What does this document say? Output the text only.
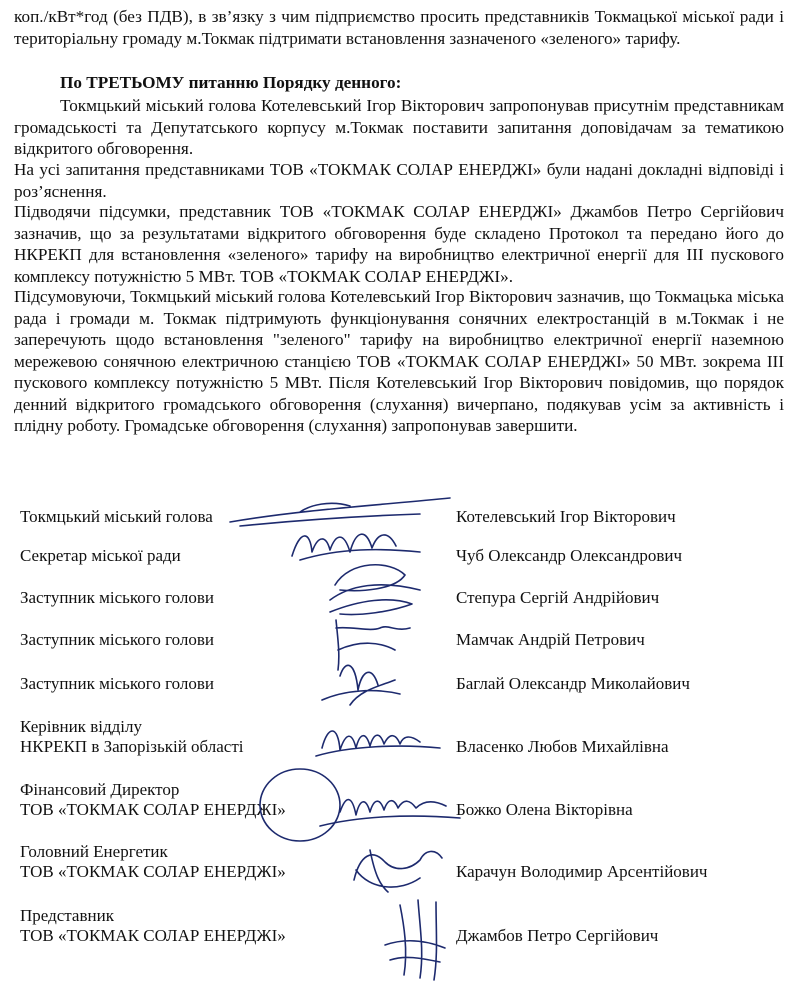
коп./кВт*год (без ПДВ), в зв’язку з чим підприємство просить представників Токмацької міської ради і територіальну громаду м.Токмак підтримати встановлення зазначеного «зеленого» тарифу.

По ТРЕТЬОМУ питанню Порядку денного:

Токмцький міський голова Котелевський Ігор Вікторович запропонував присутнім представникам громадськості та Депутатського корпусу м.Токмак поставити запитання доповідачам за тематикою відкритого обговорення.

На усі запитання представниками ТОВ «ТОКМАК СОЛАР ЕНЕРДЖІ» були надані докладні відповіді і роз’яснення.

Підводячи підсумки, представник ТОВ «ТОКМАК СОЛАР ЕНЕРДЖІ» Джамбов Петро Сергійович зазначив, що за результатами відкритого обговорення буде складено Протокол та передано його до НКРЕКП для встановлення «зеленого» тарифу на виробництво електричної енергії для ІІІ пускового комплексу потужністю 5 МВт. ТОВ «ТОКМАК СОЛАР ЕНЕРДЖІ».

Підсумовуючи, Токмцький міський голова Котелевський Ігор Вікторович зазначив, що Токмацька міська рада і громади м. Токмак підтримують функціонування сонячних електростанцій в м.Токмак і не заперечують щодо встановлення "зеленого" тарифу на виробництво електричної енергії наземною мережевою сонячною електричною станцією ТОВ «ТОКМАК СОЛАР ЕНЕРДЖІ» 50 МВт. зокрема ІІІ пускового комплексу потужністю 5 МВт. Після Котелевський Ігор Вікторович повідомив, що порядок денний відкритого громадського обговорення (слухання) вичерпано, подякував усім за активність і плідну роботу. Громадське обговорення (слухання) запропонував завершити.

Токмцький міський голова	Котелевський Ігор Вікторович
Секретар міської ради	Чуб Олександр Олександрович
Заступник міського голови	Степура Сергій Андрійович
Заступник міського голови	Мамчак Андрій Петрович
Заступник міського голови	Баглай Олександр Миколайович
Керівник відділу
НКРЕКП в Запорізькій області	Власенко Любов Михайлівна
Фінансовий Директор
ТОВ «ТОКМАК СОЛАР ЕНЕРДЖІ»	Божко Олена Вікторівна
Головний Енергетик
ТОВ «ТОКМАК СОЛАР ЕНЕРДЖІ»	Карачун Володимир Арсентійович
Представник
ТОВ «ТОКМАК СОЛАР ЕНЕРДЖІ»	Джамбов Петро Сергійович
